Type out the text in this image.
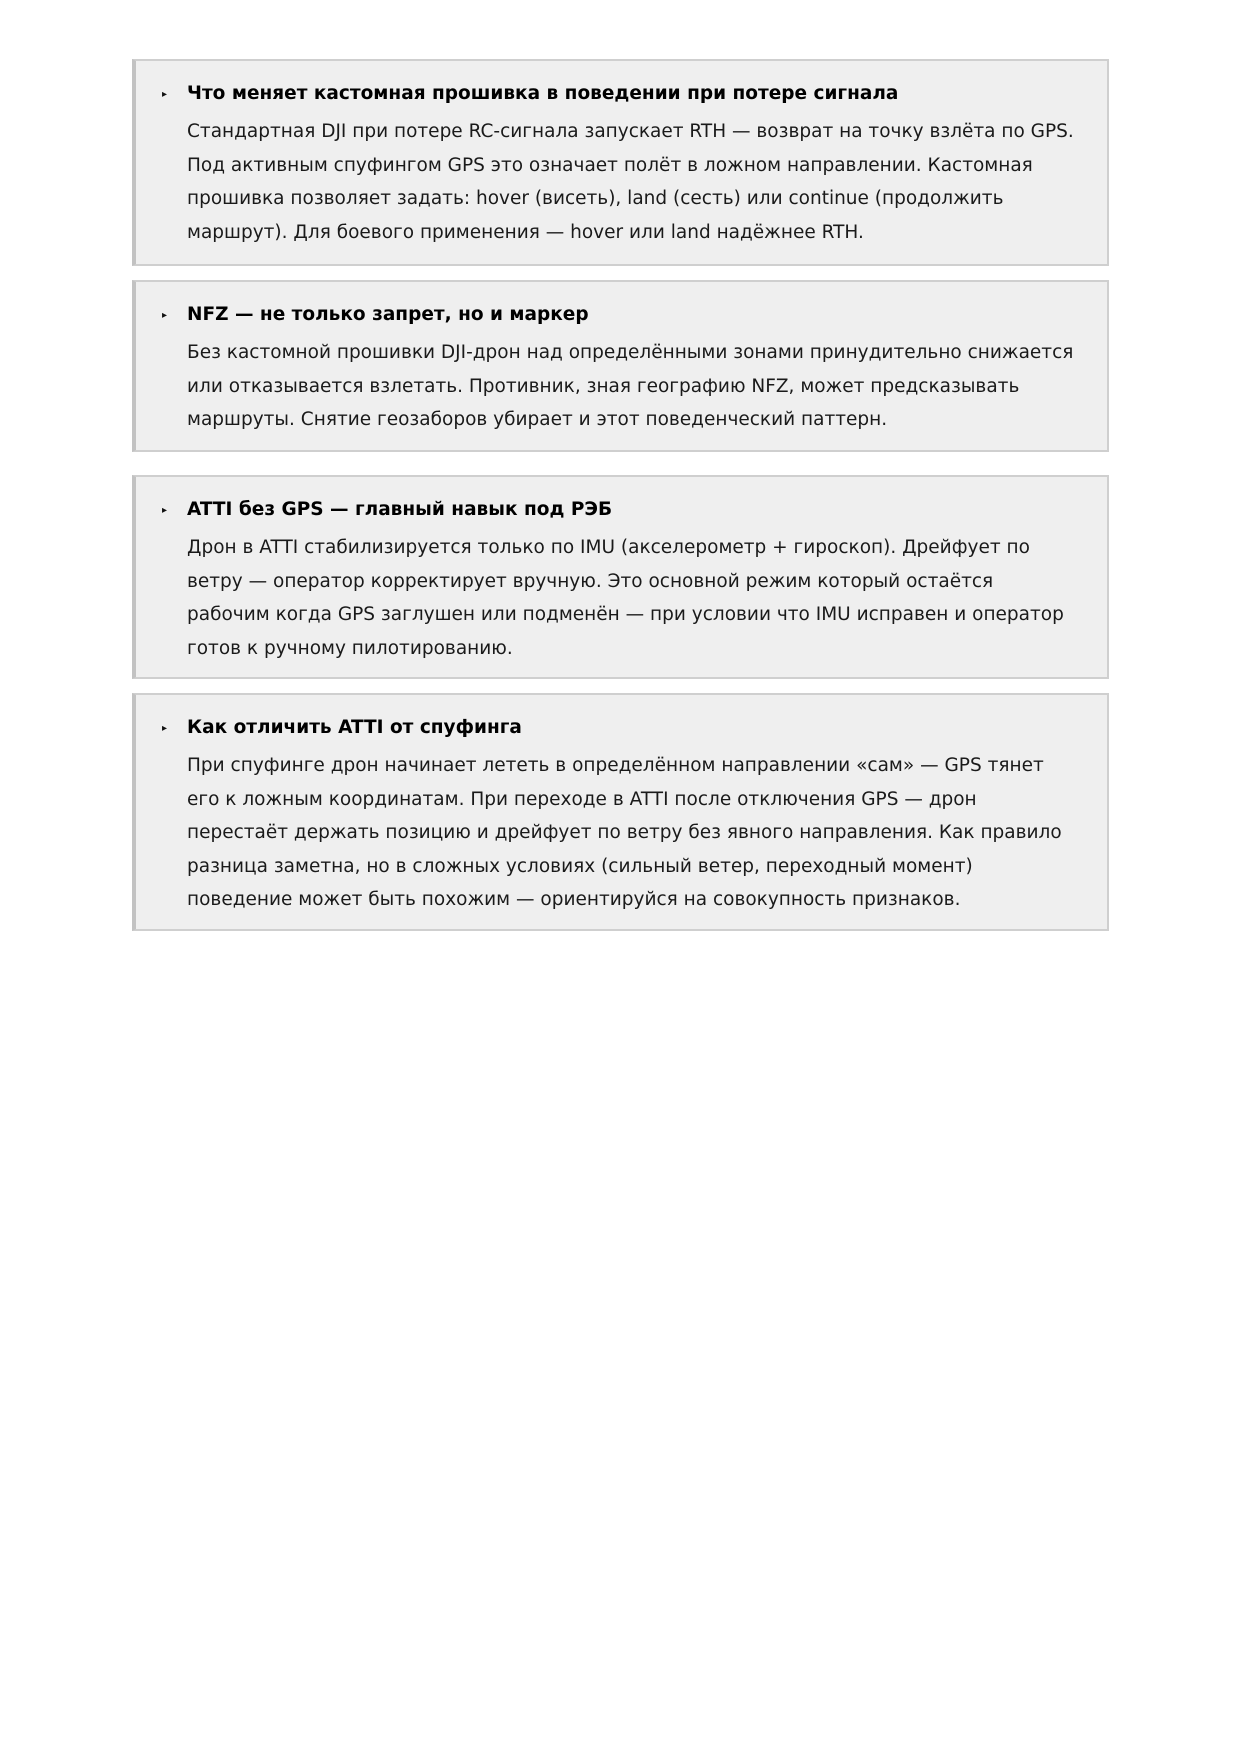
▸ Что меняет кастомная прошивка в поведении при потере сигнала
Стандартная DJI при потере RC-сигнала запускает RTH — возврат на точку взлёта по GPS.
Под активным спуфингом GPS это означает полёт в ложном направлении. Кастомная
прошивка позволяет задать: hover (висеть), land (сесть) или continue (продолжить
маршрут). Для боевого применения — hover или land надёжнее RTH.
▸ NFZ — не только запрет, но и маркер
Без кастомной прошивки DJI-дрон над определёнными зонами принудительно снижается
или отказывается взлетать. Противник, зная географию NFZ, может предсказывать
маршруты. Снятие геозаборов убирает и этот поведенческий паттерн.
▸ ATTI без GPS — главный навык под РЭБ
Дрон в ATTI стабилизируется только по IMU (акселерометр + гироскоп). Дрейфует по
ветру — оператор корректирует вручную. Это основной режим который остаётся
рабочим когда GPS заглушен или подменён — при условии что IMU исправен и оператор
готов к ручному пилотированию.
▸ Как отличить ATTI от спуфинга
При спуфинге дрон начинает лететь в определённом направлении «сам» — GPS тянет
его к ложным координатам. При переходе в ATTI после отключения GPS — дрон
перестаёт держать позицию и дрейфует по ветру без явного направления. Как правило
разница заметна, но в сложных условиях (сильный ветер, переходный момент)
поведение может быть похожим — ориентируйся на совокупность признаков.
